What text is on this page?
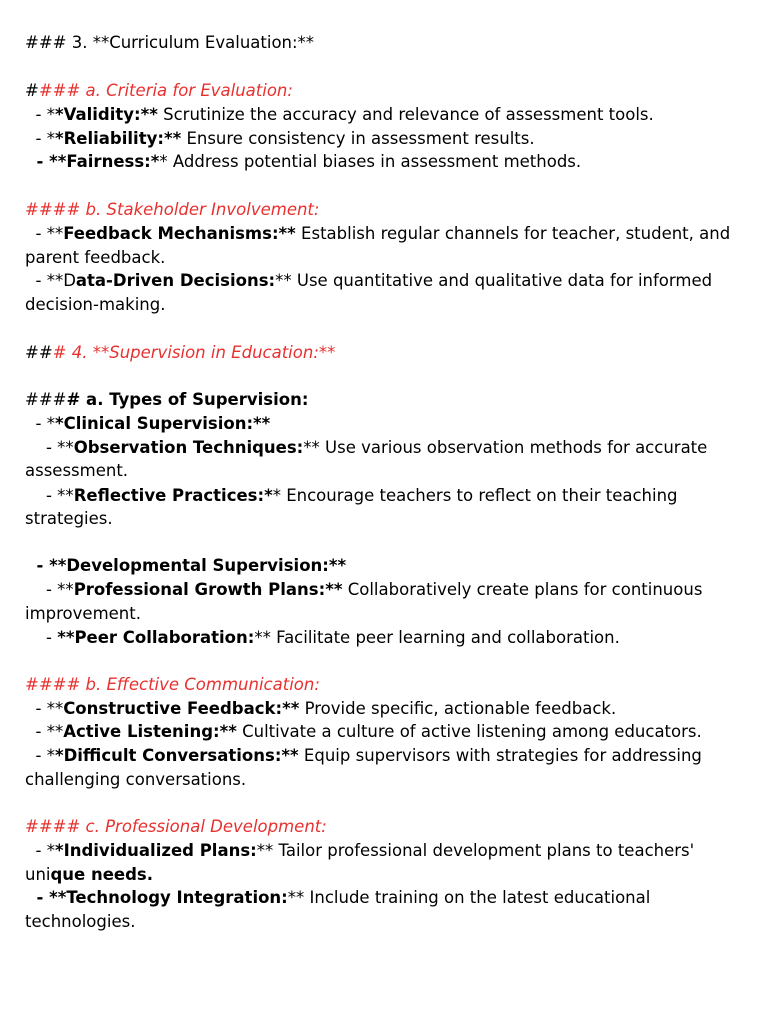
### 3. **Curriculum Evaluation:**
#### a. Criteria for Evaluation:
- **Validity:** Scrutinize the accuracy and relevance of assessment tools.
- **Reliability:** Ensure consistency in assessment results.
- **Fairness:** Address potential biases in assessment methods.
#### b. Stakeholder Involvement:
- **Feedback Mechanisms:** Establish regular channels for teacher, student, and
parent feedback.
- **Data-Driven Decisions:** Use quantitative and qualitative data for informed
decision-making.
### 4. **Supervision in Education:**
#### a. Types of Supervision:
- **Clinical Supervision:**
- **Observation Techniques:** Use various observation methods for accurate
assessment.
- **Reflective Practices:** Encourage teachers to reflect on their teaching
strategies.
- **Developmental Supervision:**
- **Professional Growth Plans:** Collaboratively create plans for continuous
improvement.
- **Peer Collaboration:** Facilitate peer learning and collaboration.
#### b. Effective Communication:
- **Constructive Feedback:** Provide specific, actionable feedback.
- **Active Listening:** Cultivate a culture of active listening among educators.
- **Difficult Conversations:** Equip supervisors with strategies for addressing
challenging conversations.
#### c. Professional Development:
- **Individualized Plans:** Tailor professional development plans to teachers'
unique needs.
- **Technology Integration:** Include training on the latest educational
technologies.
